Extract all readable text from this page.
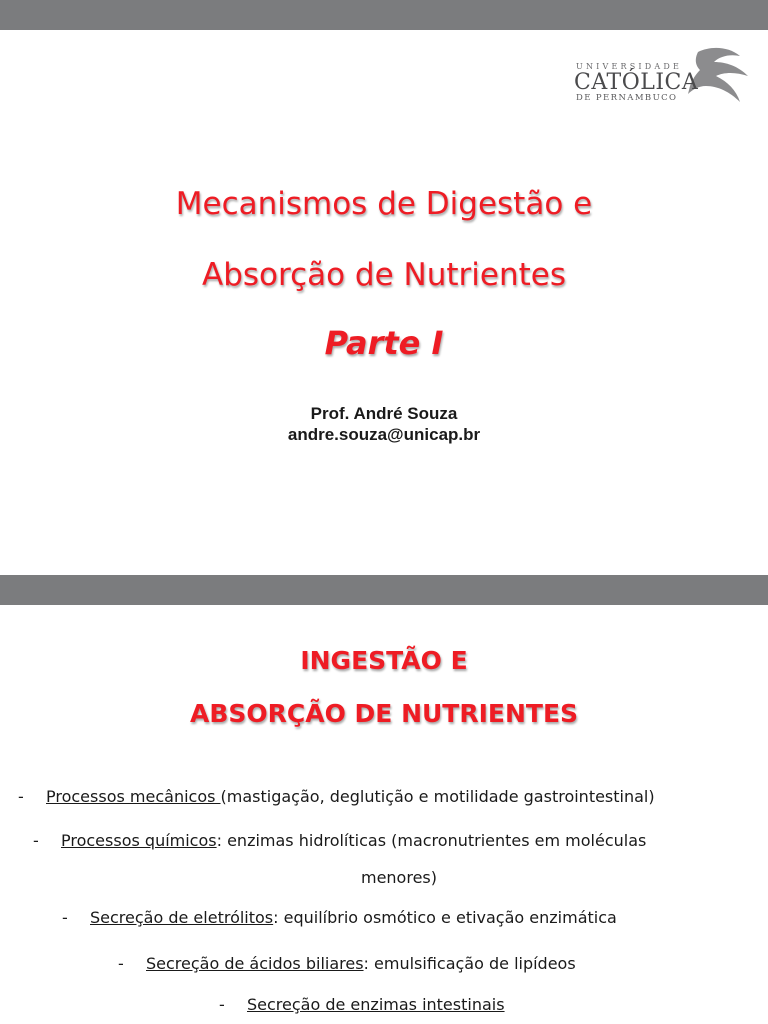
UNIVERSIDADE
CATÓLICA
DE PERNAMBUCO
Mecanismos de Digestão e
Absorção de Nutrientes
Parte I
Prof. André Souza
andre.souza@unicap.br
INGESTÃO E
ABSORÇÃO DE NUTRIENTES
- Processos mecânicos (mastigação, deglutição e motilidade gastrointestinal)
- Processos químicos: enzimas hidrolíticas (macronutrientes em moléculas
menores)
- Secreção de eletrólitos: equilíbrio osmótico e etivação enzimática
- Secreção de ácidos biliares: emulsificação de lipídeos
- Secreção de enzimas intestinais
